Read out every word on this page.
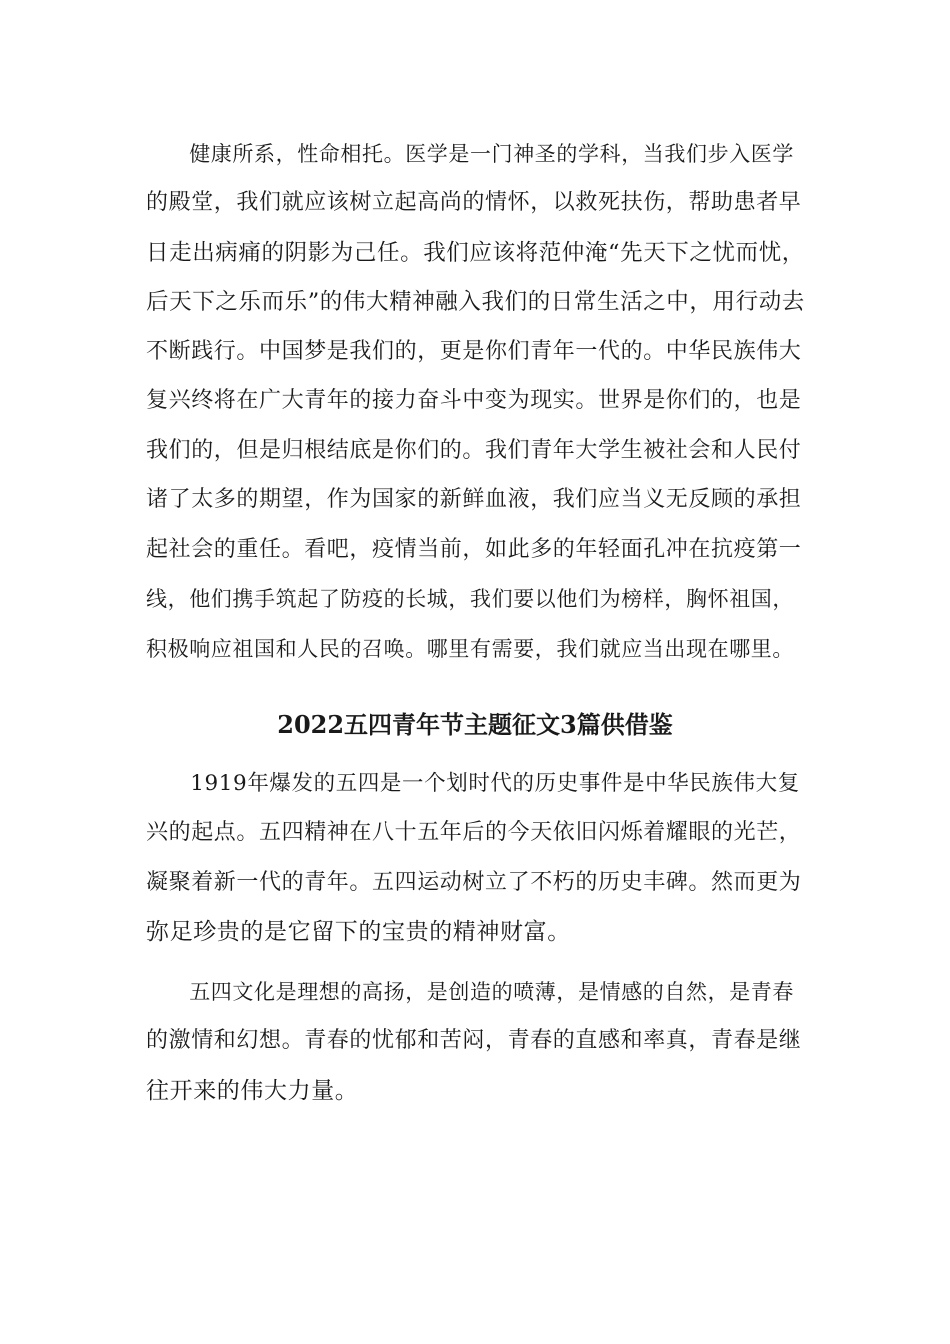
　　健康所系，性命相托。医学是一门神圣的学科，当我们步入医学
的殿堂，我们就应该树立起高尚的情怀，以救死扶伤，帮助患者早
日走出病痛的阴影为己任。我们应该将范仲淹“先天下之忧而忧，
后天下之乐而乐”的伟大精神融入我们的日常生活之中，用行动去
不断践行。中国梦是我们的，更是你们青年一代的。中华民族伟大
复兴终将在广大青年的接力奋斗中变为现实。世界是你们的，也是
我们的，但是归根结底是你们的。我们青年大学生被社会和人民付
诸了太多的期望，作为国家的新鲜血液，我们应当义无反顾的承担
起社会的重任。看吧，疫情当前，如此多的年轻面孔冲在抗疫第一
线，他们携手筑起了防疫的长城，我们要以他们为榜样，胸怀祖国，
积极响应祖国和人民的召唤。哪里有需要，我们就应当出现在哪里。
2022五四青年节主题征文3篇供借鉴
　　1919年爆发的五四是一个划时代的历史事件是中华民族伟大复
兴的起点。五四精神在八十五年后的今天依旧闪烁着耀眼的光芒，
凝聚着新一代的青年。五四运动树立了不朽的历史丰碑。然而更为
弥足珍贵的是它留下的宝贵的精神财富。
　　五四文化是理想的高扬，是创造的喷薄，是情感的自然，是青春
的激情和幻想。青春的忧郁和苦闷，青春的直感和率真，青春是继
往开来的伟大力量。
